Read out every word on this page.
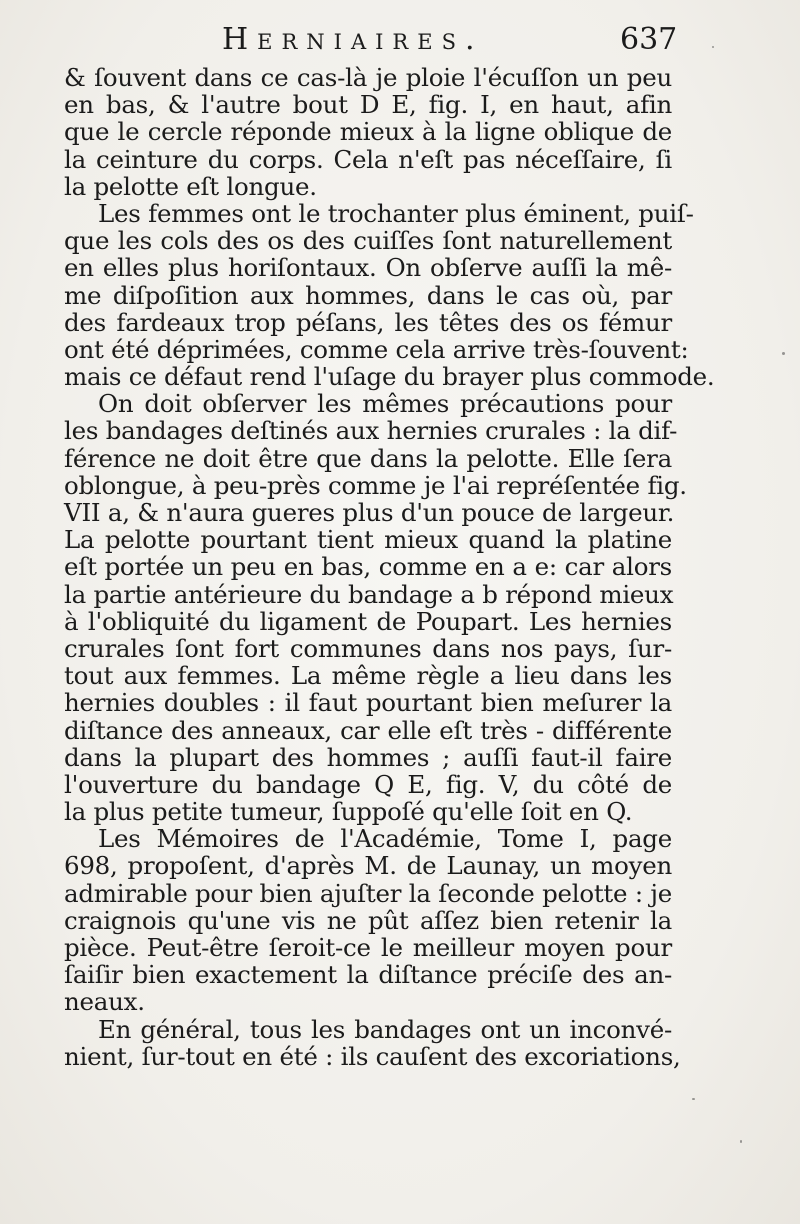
Herniaires.	637
& ſouvent dans ce cas-là je ploie l'écuſſon un peu
en bas, & l'autre bout D E, fig. I, en haut, afin
que le cercle réponde mieux à la ligne oblique de
la ceinture du corps. Cela n'eſt pas néceſſaire, ſi
la pelotte eſt longue.
Les femmes ont le trochanter plus éminent, puiſ-
que les cols des os des cuiſſes ſont naturellement
en elles plus horiſontaux. On obſerve auſſi la mê-
me diſpoſition aux hommes, dans le cas où, par
des fardeaux trop péſans, les têtes des os fémur
ont été déprimées, comme cela arrive très-ſouvent:
mais ce défaut rend l'uſage du brayer plus commode.
On doit obſerver les mêmes précautions pour
les bandages deſtinés aux hernies crurales : la dif-
férence ne doit être que dans la pelotte. Elle ſera
oblongue, à peu-près comme je l'ai repréſentée fig.
VII a, & n'aura gueres plus d'un pouce de largeur.
La pelotte pourtant tient mieux quand la platine
eſt portée un peu en bas, comme en a e: car alors
la partie antérieure du bandage a b répond mieux
à l'obliquité du ligament de Poupart. Les hernies
crurales ſont fort communes dans nos pays, ſur-
tout aux femmes. La même règle a lieu dans les
hernies doubles : il faut pourtant bien meſurer la
diſtance des anneaux, car elle eſt très - différente
dans la plupart des hommes ; auſſi faut-il faire
l'ouverture du bandage Q E, fig. V, du côté de
la plus petite tumeur, ſuppoſé qu'elle ſoit en Q.
Les Mémoires de l'Académie, Tome I, page
698, propoſent, d'après M. de Launay, un moyen
admirable pour bien ajuſter la ſeconde pelotte : je
craignois qu'une vis ne pût aſſez bien retenir la
pièce. Peut-être ſeroit-ce le meilleur moyen pour
ſaiſir bien exactement la diſtance préciſe des an-
neaux.
En général, tous les bandages ont un inconvé-
nient, ſur-tout en été : ils cauſent des excoriations,
